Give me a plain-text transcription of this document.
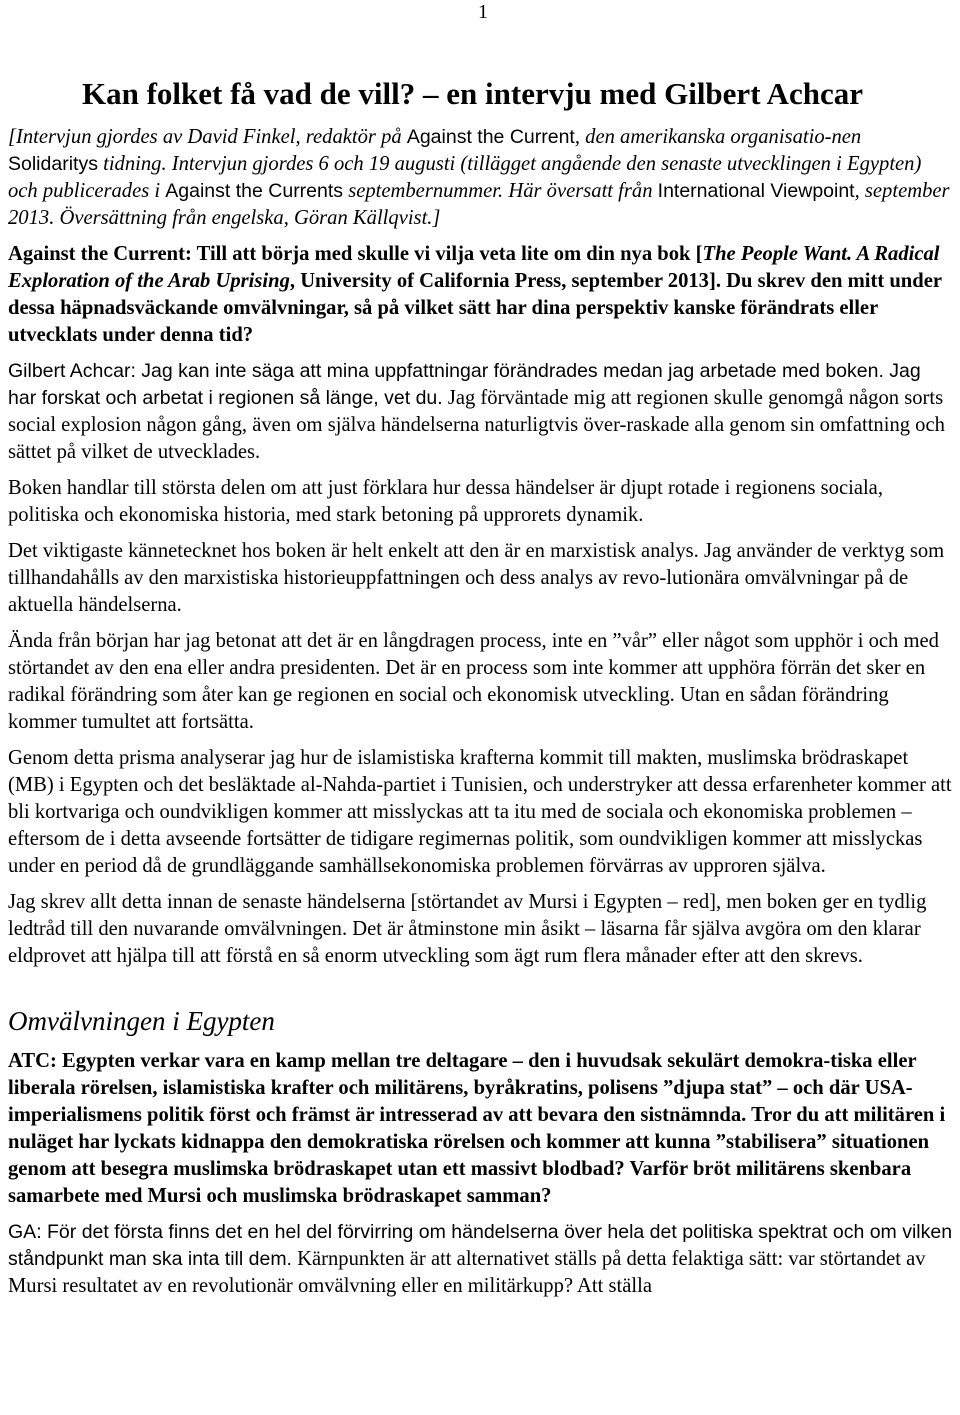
1
Kan folket få vad de vill? – en intervju med Gilbert Achcar

[Intervjun gjordes av David Finkel, redaktör på Against the Current, den amerikanska organisatio-nen Solidaritys tidning. Intervjun gjordes 6 och 19 augusti (tillägget angående den senaste utvecklingen i Egypten) och publicerades i Against the Currents septembernummer. Här översatt från International Viewpoint, september 2013. Översättning från engelska, Göran Källqvist.]

Against the Current: Till att börja med skulle vi vilja veta lite om din nya bok [The People Want. A Radical Exploration of the Arab Uprising, University of California Press, september 2013]. Du skrev den mitt under dessa häpnadsväckande omvälvningar, så på vilket sätt har dina perspektiv kanske förändrats eller utvecklats under denna tid?

Gilbert Achcar: Jag kan inte säga att mina uppfattningar förändrades medan jag arbetade med boken. Jag har forskat och arbetat i regionen så länge, vet du. Jag förväntade mig att regionen skulle genomgå någon sorts social explosion någon gång, även om själva händelserna naturligtvis över-raskade alla genom sin omfattning och sättet på vilket de utvecklades.

Boken handlar till största delen om att just förklara hur dessa händelser är djupt rotade i regionens sociala, politiska och ekonomiska historia, med stark betoning på upprorets dynamik.

Det viktigaste kännetecknet hos boken är helt enkelt att den är en marxistisk analys. Jag använder de verktyg som tillhandahålls av den marxistiska historieuppfattningen och dess analys av revo-lutionära omvälvningar på de aktuella händelserna.

Ända från början har jag betonat att det är en långdragen process, inte en ”vår” eller något som upphör i och med störtandet av den ena eller andra presidenten. Det är en process som inte kommer att upphöra förrän det sker en radikal förändring som åter kan ge regionen en social och ekonomisk utveckling. Utan en sådan förändring kommer tumultet att fortsätta.

Genom detta prisma analyserar jag hur de islamistiska krafterna kommit till makten, muslimska brödraskapet (MB) i Egypten och det besläktade al-Nahda-partiet i Tunisien, och understryker att dessa erfarenheter kommer att bli kortvariga och oundvikligen kommer att misslyckas att ta itu med de sociala och ekonomiska problemen – eftersom de i detta avseende fortsätter de tidigare regimernas politik, som oundvikligen kommer att misslyckas under en period då de grundläggande samhällsekonomiska problemen förvärras av upproren själva.

Jag skrev allt detta innan de senaste händelserna [störtandet av Mursi i Egypten – red], men boken ger en tydlig ledtråd till den nuvarande omvälvningen. Det är åtminstone min åsikt – läsarna får själva avgöra om den klarar eldprovet att hjälpa till att förstå en så enorm utveckling som ägt rum flera månader efter att den skrevs.

Omvälvningen i Egypten

ATC: Egypten verkar vara en kamp mellan tre deltagare – den i huvudsak sekulärt demokra-tiska eller liberala rörelsen, islamistiska krafter och militärens, byråkratins, polisens ”djupa stat” – och där USA-imperialismens politik först och främst är intresserad av att bevara den sistnämnda. Tror du att militären i nuläget har lyckats kidnappa den demokratiska rörelsen och kommer att kunna ”stabilisera” situationen genom att besegra muslimska brödraskapet utan ett massivt blodbad? Varför bröt militärens skenbara samarbete med Mursi och muslimska brödraskapet samman?

GA: För det första finns det en hel del förvirring om händelserna över hela det politiska spektrat och om vilken ståndpunkt man ska inta till dem. Kärnpunkten är att alternativet ställs på detta felaktiga sätt: var störtandet av Mursi resultatet av en revolutionär omvälvning eller en militärkupp? Att ställa
